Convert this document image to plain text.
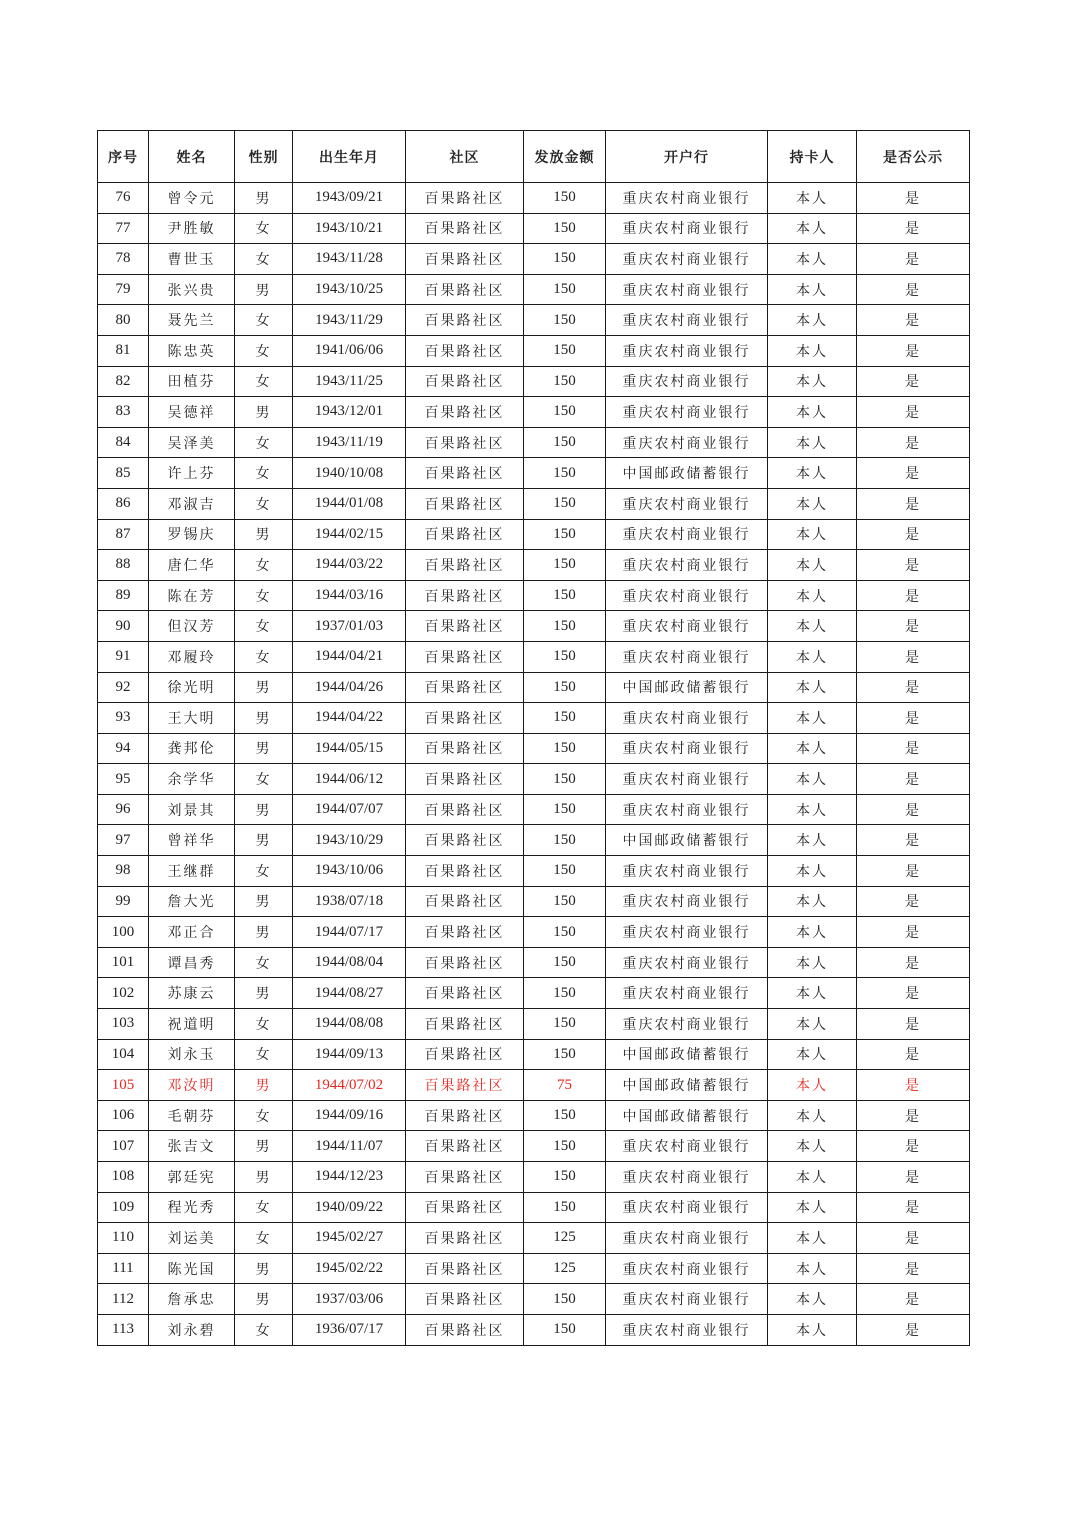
序号	姓名	性别	出生年月	社区	发放金额	开户行	持卡人	是否公示
76	曾令元	男	1943/09/21	百果路社区	150	重庆农村商业银行	本人	是
77	尹胜敏	女	1943/10/21	百果路社区	150	重庆农村商业银行	本人	是
78	曹世玉	女	1943/11/28	百果路社区	150	重庆农村商业银行	本人	是
79	张兴贵	男	1943/10/25	百果路社区	150	重庆农村商业银行	本人	是
80	聂先兰	女	1943/11/29	百果路社区	150	重庆农村商业银行	本人	是
81	陈忠英	女	1941/06/06	百果路社区	150	重庆农村商业银行	本人	是
82	田植芬	女	1943/11/25	百果路社区	150	重庆农村商业银行	本人	是
83	吴德祥	男	1943/12/01	百果路社区	150	重庆农村商业银行	本人	是
84	吴泽美	女	1943/11/19	百果路社区	150	重庆农村商业银行	本人	是
85	许上芬	女	1940/10/08	百果路社区	150	中国邮政储蓄银行	本人	是
86	邓淑吉	女	1944/01/08	百果路社区	150	重庆农村商业银行	本人	是
87	罗锡庆	男	1944/02/15	百果路社区	150	重庆农村商业银行	本人	是
88	唐仁华	女	1944/03/22	百果路社区	150	重庆农村商业银行	本人	是
89	陈在芳	女	1944/03/16	百果路社区	150	重庆农村商业银行	本人	是
90	但汉芳	女	1937/01/03	百果路社区	150	重庆农村商业银行	本人	是
91	邓履玲	女	1944/04/21	百果路社区	150	重庆农村商业银行	本人	是
92	徐光明	男	1944/04/26	百果路社区	150	中国邮政储蓄银行	本人	是
93	王大明	男	1944/04/22	百果路社区	150	重庆农村商业银行	本人	是
94	龚邦伦	男	1944/05/15	百果路社区	150	重庆农村商业银行	本人	是
95	余学华	女	1944/06/12	百果路社区	150	重庆农村商业银行	本人	是
96	刘景其	男	1944/07/07	百果路社区	150	重庆农村商业银行	本人	是
97	曾祥华	男	1943/10/29	百果路社区	150	中国邮政储蓄银行	本人	是
98	王继群	女	1943/10/06	百果路社区	150	重庆农村商业银行	本人	是
99	詹大光	男	1938/07/18	百果路社区	150	重庆农村商业银行	本人	是
100	邓正合	男	1944/07/17	百果路社区	150	重庆农村商业银行	本人	是
101	谭昌秀	女	1944/08/04	百果路社区	150	重庆农村商业银行	本人	是
102	苏康云	男	1944/08/27	百果路社区	150	重庆农村商业银行	本人	是
103	祝道明	女	1944/08/08	百果路社区	150	重庆农村商业银行	本人	是
104	刘永玉	女	1944/09/13	百果路社区	150	中国邮政储蓄银行	本人	是
105	邓汝明	男	1944/07/02	百果路社区	75	中国邮政储蓄银行	本人	是
106	毛朝芬	女	1944/09/16	百果路社区	150	中国邮政储蓄银行	本人	是
107	张吉文	男	1944/11/07	百果路社区	150	重庆农村商业银行	本人	是
108	郭廷宪	男	1944/12/23	百果路社区	150	重庆农村商业银行	本人	是
109	程光秀	女	1940/09/22	百果路社区	150	重庆农村商业银行	本人	是
110	刘运美	女	1945/02/27	百果路社区	125	重庆农村商业银行	本人	是
111	陈光国	男	1945/02/22	百果路社区	125	重庆农村商业银行	本人	是
112	詹承忠	男	1937/03/06	百果路社区	150	重庆农村商业银行	本人	是
113	刘永碧	女	1936/07/17	百果路社区	150	重庆农村商业银行	本人	是
